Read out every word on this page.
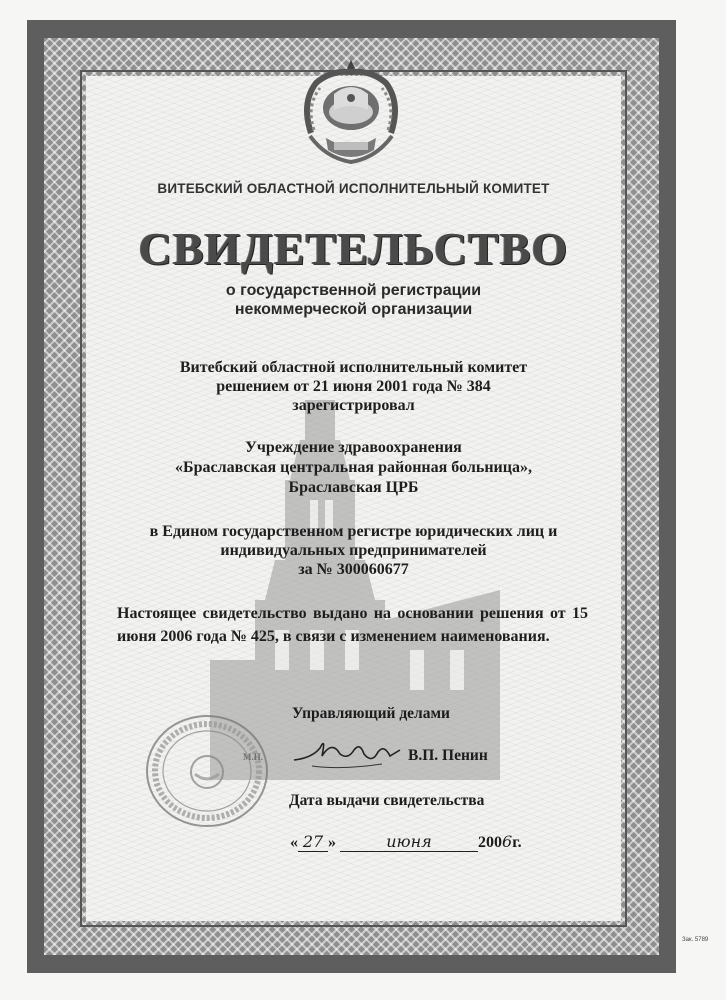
ВИТЕБСКИЙ ОБЛАСТНОЙ ИСПОЛНИТЕЛЬНЫЙ КОМИТЕТ
СВИДЕТЕЛЬСТВО
о государственной регистрации
некоммерческой организации
Витебский областной исполнительный комитет
решением от 21 июня 2001 года № 384
зарегистрировал
Учреждение здравоохранения
«Браславская центральная районная больница»,
Браславская ЦРБ
в Едином государственном регистре юридических лиц и
индивидуальных предпринимателей
за № 300060677
Настоящее свидетельство выдано на основании решения от 15 июня 2006 года № 425, в связи с изменением наименования.
Управляющий делами
В.П. Пенин
М.П.
Дата выдачи свидетельства
« 27 »	июня	2006г.
Зак. 5789
